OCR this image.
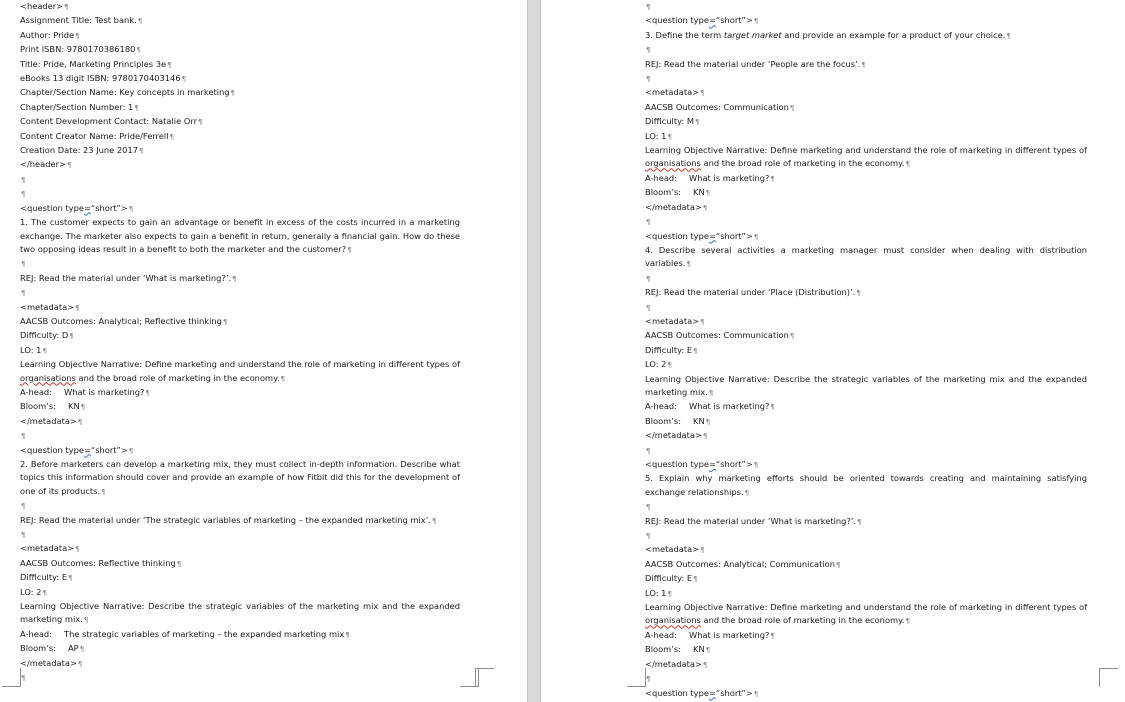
<header>¶
Assignment Title: Test bank.¶
Author: Pride¶
Print ISBN: 9780170386180¶
Title: Pride, Marketing Principles 3e¶
eBooks 13 digit ISBN: 9780170403146¶
Chapter/Section Name: Key concepts in marketing¶
Chapter/Section Number: 1¶
Content Development Contact: Natalie Orr¶
Content Creator Name: Pride/Ferrell¶
Creation Date: 23 June 2017¶
</header>¶
¶
¶
<question type=“short”>¶
1. The customer expects to gain an advantage or benefit in excess of the costs incurred in a marketing exchange. The marketer also expects to gain a benefit in return, generally a financial gain. How do these two opposing ideas result in a benefit to both the marketer and the customer?¶
¶
REJ: Read the material under ‘What is marketing?’.¶
¶
<metadata>¶
AACSB Outcomes: Analytical; Reflective thinking¶
Difficulty: D¶
LO: 1¶
Learning Objective Narrative: Define marketing and understand the role of marketing in different types of organisations and the broad role of marketing in the economy.¶
A-head: What is marketing?¶
Bloom’s: KN¶
</metadata>¶
¶
<question type=“short”>¶
2. Before marketers can develop a marketing mix, they must collect in-depth information. Describe what topics this information should cover and provide an example of how Fitbit did this for the development of one of its products.¶
¶
REJ: Read the material under ‘The strategic variables of marketing – the expanded marketing mix’.¶
¶
<metadata>¶
AACSB Outcomes: Reflective thinking¶
Difficulty: E¶
LO: 2¶
Learning Objective Narrative: Describe the strategic variables of the marketing mix and the expanded marketing mix.¶
A-head: The strategic variables of marketing – the expanded marketing mix¶
Bloom’s: AP¶
</metadata>¶
¶
¶
<question type=“short”>¶
3. Define the term target market and provide an example for a product of your choice.¶
¶
REJ: Read the material under ‘People are the focus’.¶
¶
<metadata>¶
AACSB Outcomes: Communication¶
Difficulty: M¶
LO: 1¶
Learning Objective Narrative: Define marketing and understand the role of marketing in different types of organisations and the broad role of marketing in the economy.¶
A-head: What is marketing?¶
Bloom’s: KN¶
</metadata>¶
¶
<question type=“short”>¶
4. Describe several activities a marketing manager must consider when dealing with distribution variables.¶
¶
REJ: Read the material under ‘Place (Distribution)’.¶
¶
<metadata>¶
AACSB Outcomes: Communication¶
Difficulty: E¶
LO: 2¶
Learning Objective Narrative: Describe the strategic variables of the marketing mix and the expanded marketing mix.¶
A-head: What is marketing?¶
Bloom’s: KN¶
</metadata>¶
¶
<question type=“short”>¶
5. Explain why marketing efforts should be oriented towards creating and maintaining satisfying exchange relationships.¶
¶
REJ: Read the material under ‘What is marketing?’.¶
¶
<metadata>¶
AACSB Outcomes: Analytical; Communication¶
Difficulty: E¶
LO: 1¶
Learning Objective Narrative: Define marketing and understand the role of marketing in different types of organisations and the broad role of marketing in the economy.¶
A-head: What is marketing?¶
Bloom’s: KN¶
</metadata>¶
¶
<question type=“short”>¶
